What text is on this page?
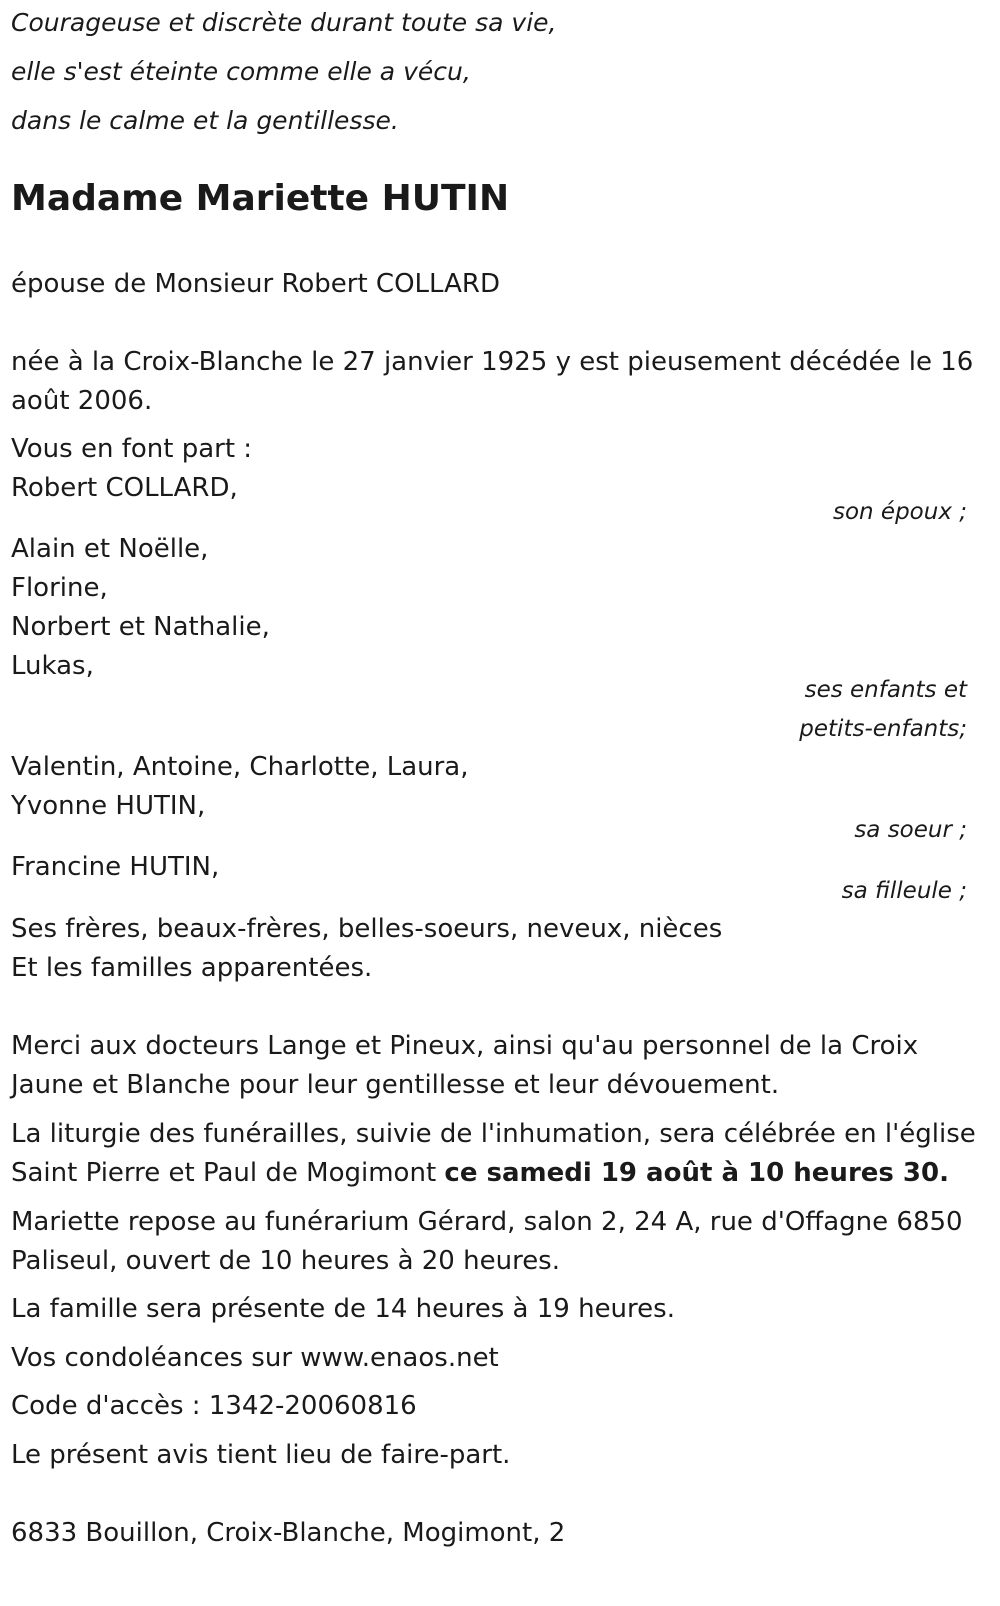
Courageuse et discrète durant toute sa vie,
elle s'est éteinte comme elle a vécu,
dans le calme et la gentillesse.
Madame Mariette HUTIN
épouse de Monsieur Robert COLLARD
née à la Croix-Blanche le 27 janvier 1925 y est pieusement décédée le 16
août 2006.
Vous en font part :
Robert COLLARD,
son époux ;
Alain et Noëlle,
Florine,
Norbert et Nathalie,
Lukas,
ses enfants et
petits-enfants;
Valentin, Antoine, Charlotte, Laura,
Yvonne HUTIN,
sa soeur ;
Francine HUTIN,
sa filleule ;
Ses frères, beaux-frères, belles-soeurs, neveux, nièces
Et les familles apparentées.
Merci aux docteurs Lange et Pineux, ainsi qu'au personnel de la Croix
Jaune et Blanche pour leur gentillesse et leur dévouement.
La liturgie des funérailles, suivie de l'inhumation, sera célébrée en l'église
Saint Pierre et Paul de Mogimont ce samedi 19 août à 10 heures 30.
Mariette repose au funérarium Gérard, salon 2, 24 A, rue d'Offagne 6850
Paliseul, ouvert de 10 heures à 20 heures.
La famille sera présente de 14 heures à 19 heures.
Vos condoléances sur www.enaos.net
Code d'accès : 1342-20060816
Le présent avis tient lieu de faire-part.
6833 Bouillon, Croix-Blanche, Mogimont, 2
